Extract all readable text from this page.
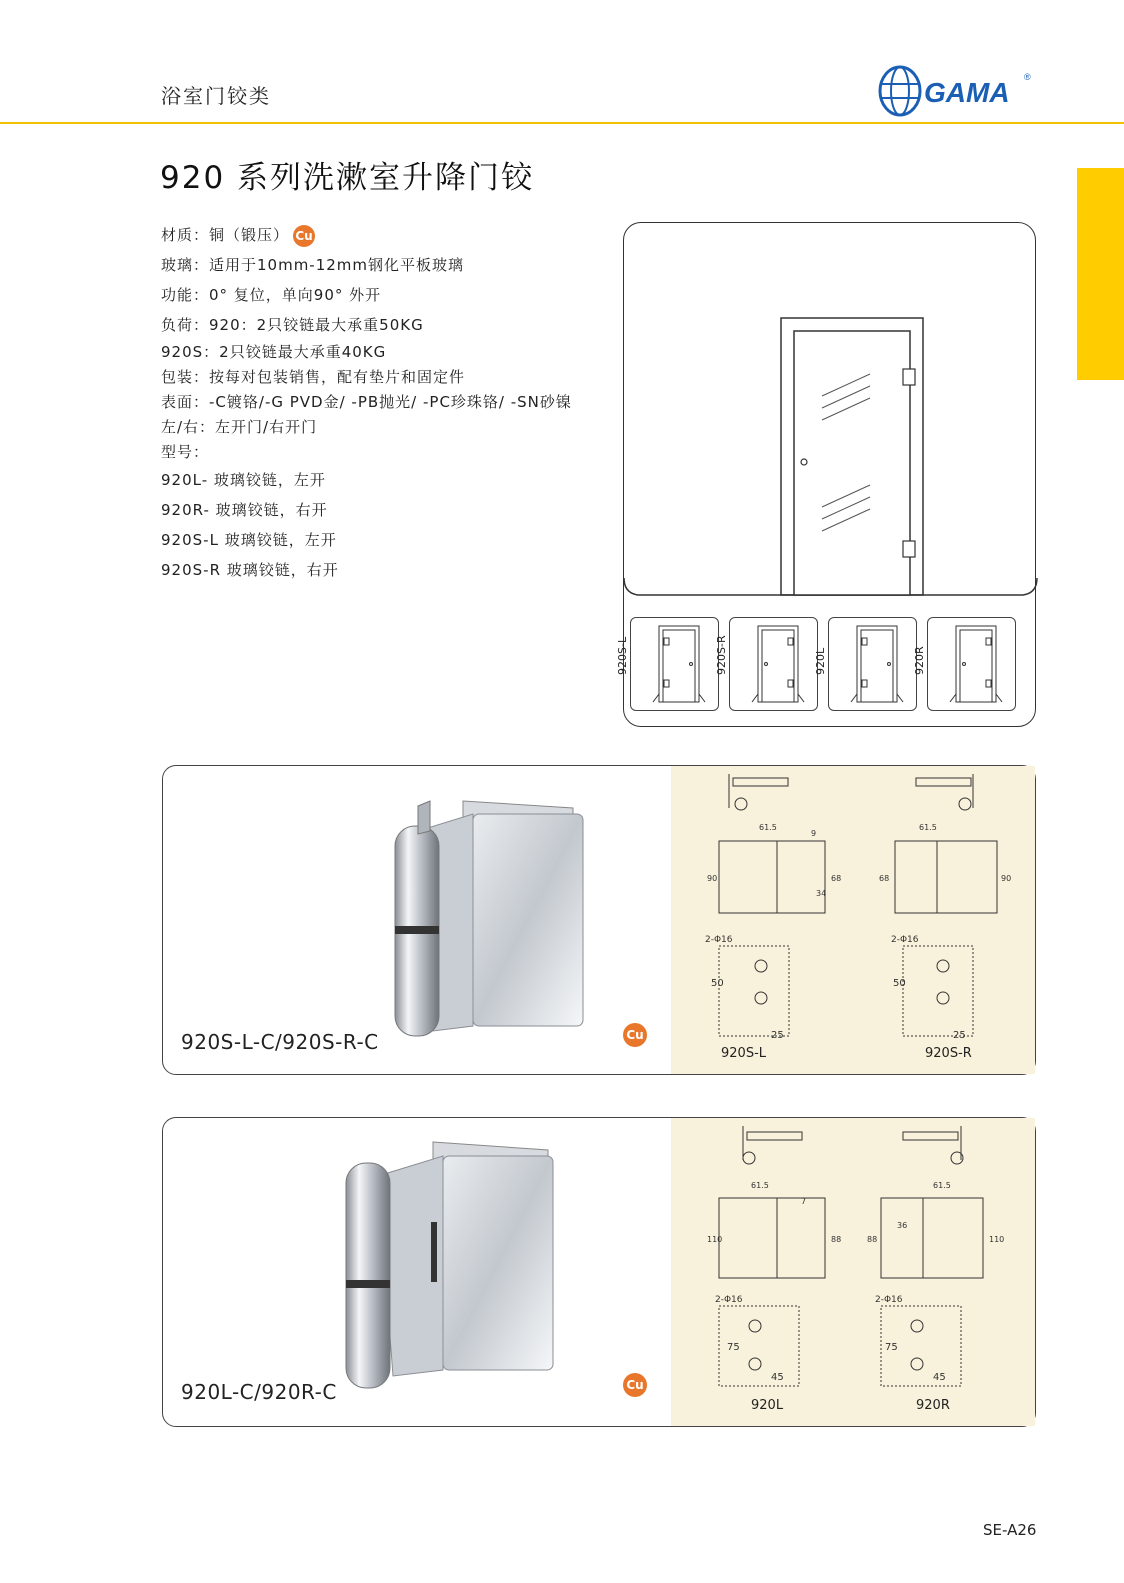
浴室门铰类	GAMA ®
920 系列洗漱室升降门铰
材质：铜（锻压） Cu
玻璃：适用于10mm-12mm钢化平板玻璃
功能：0° 复位，单向90° 外开
负荷：920：2只铰链最大承重50KG
920S：2只铰链最大承重40KG
包装：按每对包装销售，配有垫片和固定件
表面：-C镀铬/-G PVD金/ -PB抛光/ -PC珍珠铬/ -SN砂镍
左/右：左开门/右开门
型号：
920L- 玻璃铰链，左开
920R- 玻璃铰链，右开
920S-L 玻璃铰链，左开
920S-R 玻璃铰链，右开
920S-L	920S-R	920L	920R
920S-L-C/920S-R-C	Cu
61.5	61.5
2-Φ16	2-Φ16
50	50
25	25
90	90
68	68
9
34
920S-L	920S-R
920L-C/920R-C	Cu
61.5	61.5
2-Φ16	2-Φ16
75	75
45	45
110	110
88	88
7
36
920L	920R
SE-A26
